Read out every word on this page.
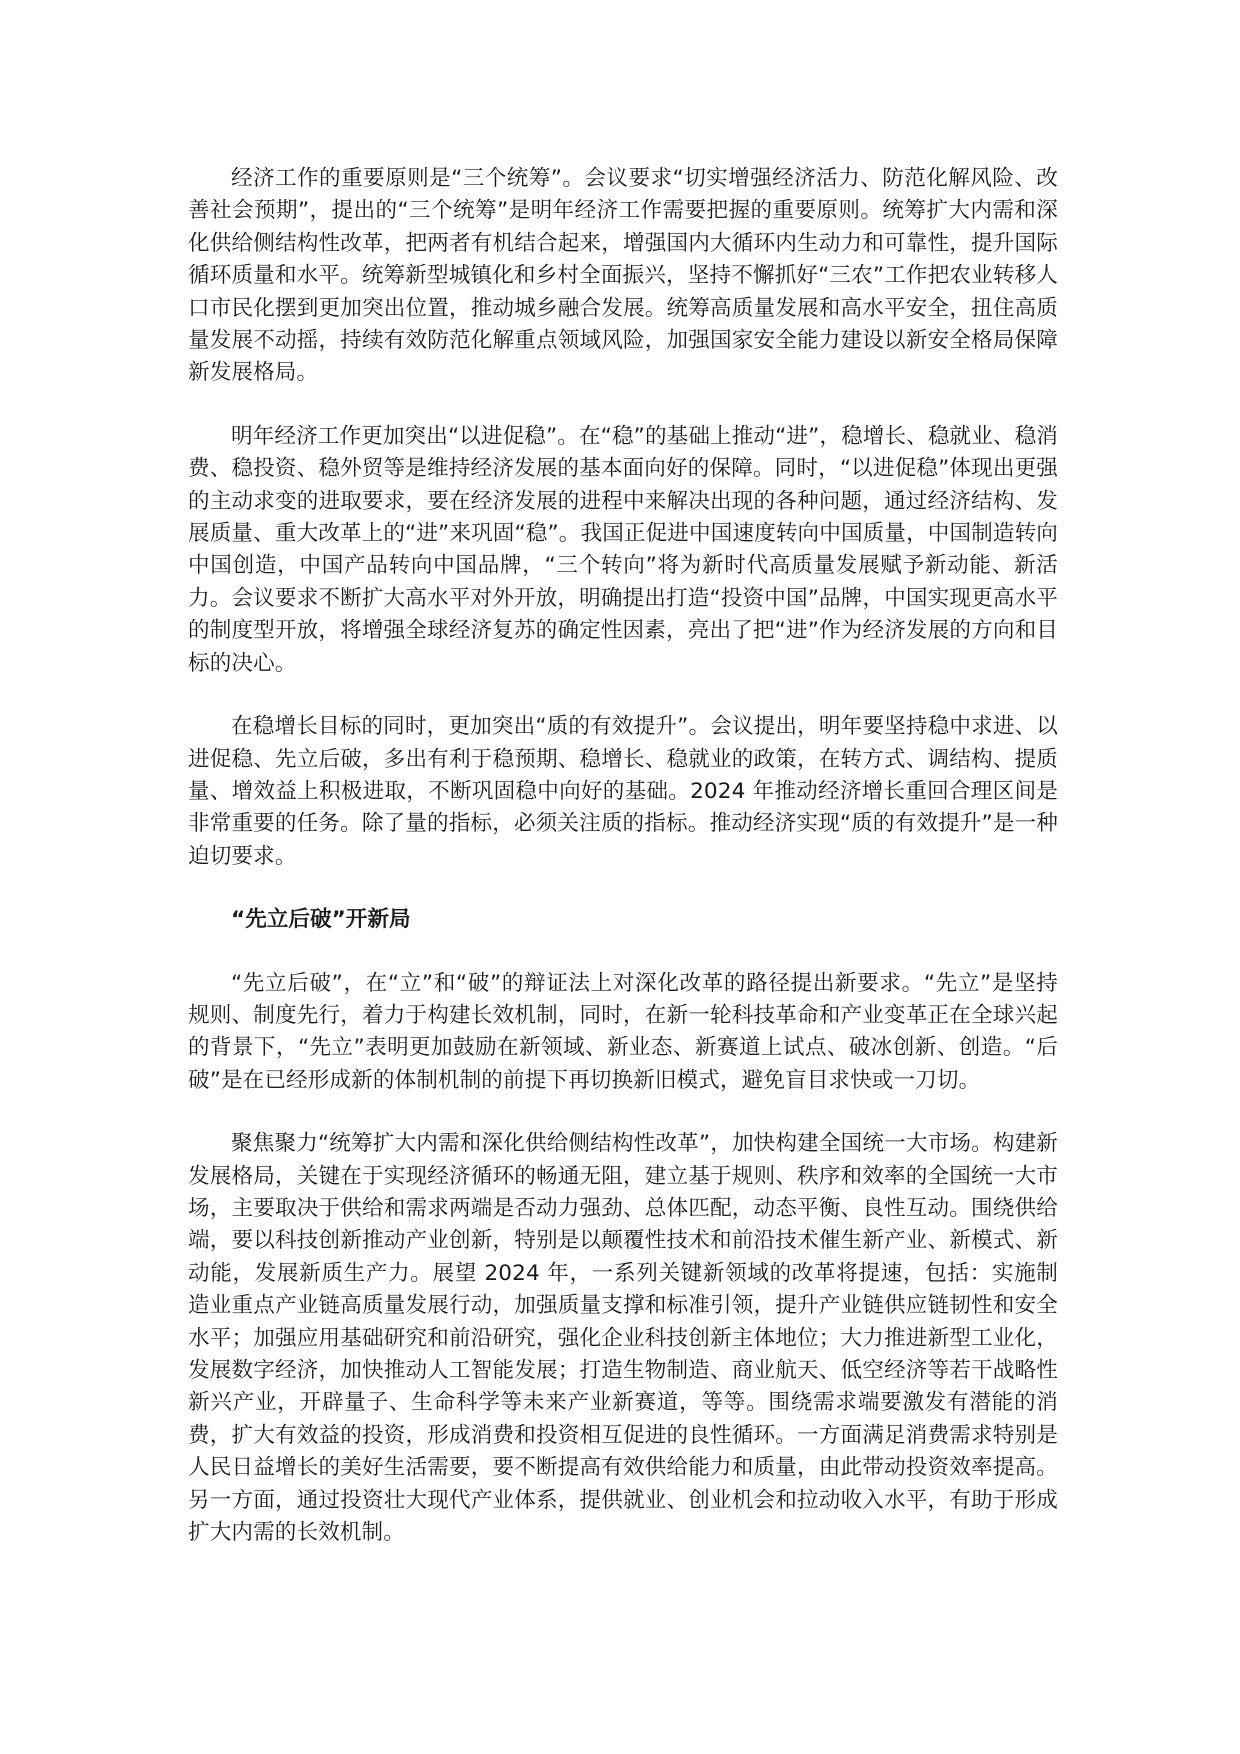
经济工作的重要原则是“三个统筹”。会议要求“切实增强经济活力、防范化解风险、改善社会预期”，提出的“三个统筹”是明年经济工作需要把握的重要原则。统筹扩大内需和深化供给侧结构性改革，把两者有机结合起来，增强国内大循环内生动力和可靠性，提升国际循环质量和水平。统筹新型城镇化和乡村全面振兴，坚持不懈抓好“三农”工作把农业转移人口市民化摆到更加突出位置，推动城乡融合发展。统筹高质量发展和高水平安全，扭住高质量发展不动摇，持续有效防范化解重点领域风险，加强国家安全能力建设以新安全格局保障新发展格局。

明年经济工作更加突出“以进促稳”。在“稳”的基础上推动“进”，稳增长、稳就业、稳消费、稳投资、稳外贸等是维持经济发展的基本面向好的保障。同时，“以进促稳”体现出更强的主动求变的进取要求，要在经济发展的进程中来解决出现的各种问题，通过经济结构、发展质量、重大改革上的“进”来巩固“稳”。我国正促进中国速度转向中国质量，中国制造转向中国创造，中国产品转向中国品牌，“三个转向”将为新时代高质量发展赋予新动能、新活力。会议要求不断扩大高水平对外开放，明确提出打造“投资中国”品牌，中国实现更高水平的制度型开放，将增强全球经济复苏的确定性因素，亮出了把“进”作为经济发展的方向和目标的决心。

在稳增长目标的同时，更加突出“质的有效提升”。会议提出，明年要坚持稳中求进、以进促稳、先立后破，多出有利于稳预期、稳增长、稳就业的政策，在转方式、调结构、提质量、增效益上积极进取，不断巩固稳中向好的基础。2024 年推动经济增长重回合理区间是非常重要的任务。除了量的指标，必须关注质的指标。推动经济实现“质的有效提升”是一种迫切要求。

“先立后破”开新局

“先立后破”，在“立”和“破”的辩证法上对深化改革的路径提出新要求。“先立”是坚持规则、制度先行，着力于构建长效机制，同时，在新一轮科技革命和产业变革正在全球兴起的背景下，“先立”表明更加鼓励在新领域、新业态、新赛道上试点、破冰创新、创造。“后破”是在已经形成新的体制机制的前提下再切换新旧模式，避免盲目求快或一刀切。

聚焦聚力“统筹扩大内需和深化供给侧结构性改革”，加快构建全国统一大市场。构建新发展格局，关键在于实现经济循环的畅通无阻，建立基于规则、秩序和效率的全国统一大市场，主要取决于供给和需求两端是否动力强劲、总体匹配，动态平衡、良性互动。围绕供给端，要以科技创新推动产业创新，特别是以颠覆性技术和前沿技术催生新产业、新模式、新动能，发展新质生产力。展望 2024 年，一系列关键新领域的改革将提速，包括：实施制造业重点产业链高质量发展行动，加强质量支撑和标准引领，提升产业链供应链韧性和安全水平；加强应用基础研究和前沿研究，强化企业科技创新主体地位；大力推进新型工业化，发展数字经济，加快推动人工智能发展；打造生物制造、商业航天、低空经济等若干战略性新兴产业，开辟量子、生命科学等未来产业新赛道，等等。围绕需求端要激发有潜能的消费，扩大有效益的投资，形成消费和投资相互促进的良性循环。一方面满足消费需求特别是人民日益增长的美好生活需要，要不断提高有效供给能力和质量，由此带动投资效率提高。另一方面，通过投资壮大现代产业体系，提供就业、创业机会和拉动收入水平，有助于形成扩大内需的长效机制。
